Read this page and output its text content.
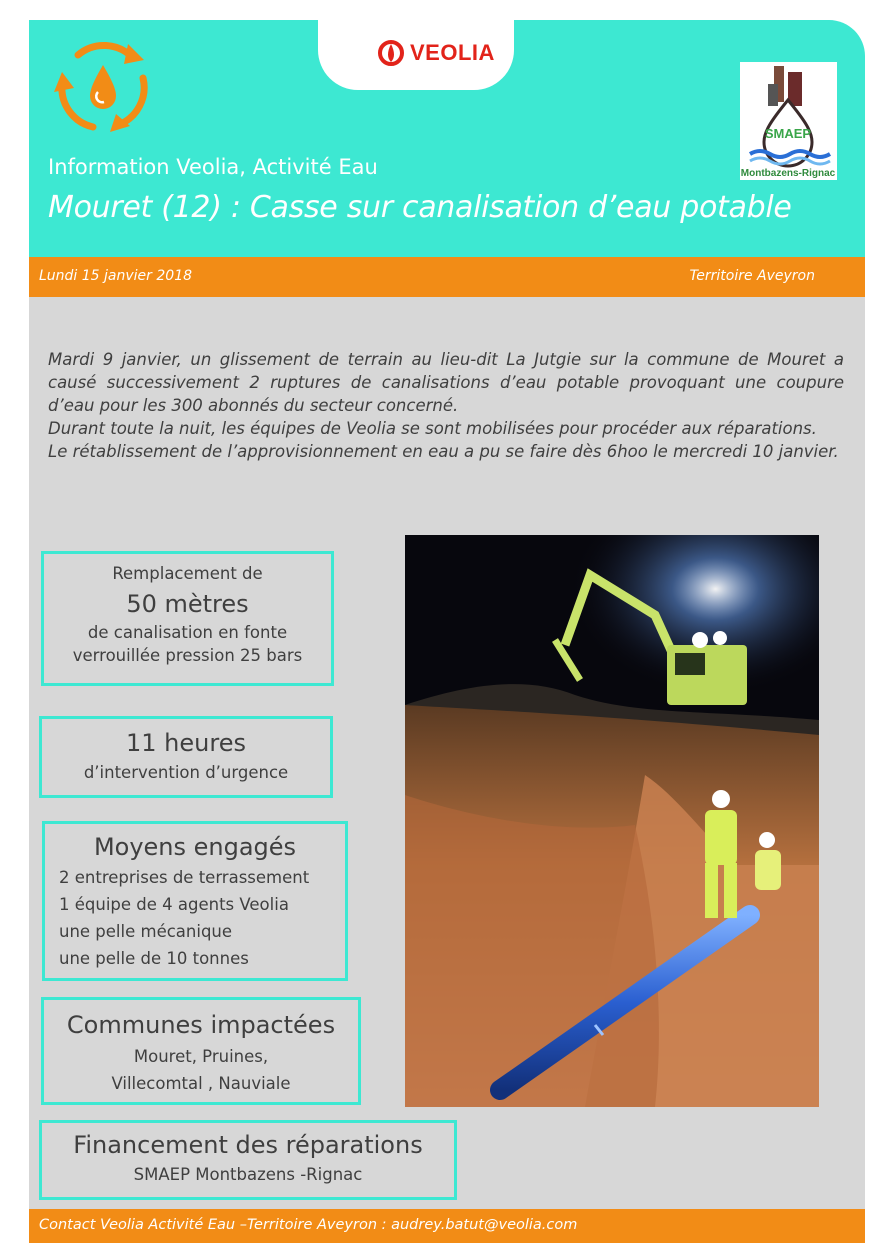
VEOLIA
SMAEP
Montbazens-Rignac
Information Veolia, Activité Eau
Mouret (12) : Casse sur canalisation d’eau potable
Lundi 15 janvier 2018	Territoire Aveyron

Mardi 9 janvier, un glissement de terrain au lieu-dit La Jutgie sur la commune de Mouret a causé successivement 2 ruptures de canalisations d’eau potable provoquant une coupure d’eau pour les 300 abonnés du secteur concerné.

Durant toute la nuit, les équipes de Veolia se sont mobilisées pour procéder aux réparations.

Le rétablissement de l’approvisionnement en eau a pu se faire dès 6hoo le mercredi 10 janvier.

Remplacement de
50 mètres
de canalisation en fonte
verrouillée pression 25 bars
11 heures
d’intervention d’urgence
Moyens engagés
2 entreprises de terrassement
1 équipe de 4 agents Veolia
une pelle mécanique
une pelle de 10 tonnes
Communes impactées
Mouret, Pruines,
Villecomtal , Nauviale
Financement des réparations
SMAEP Montbazens -Rignac
Contact Veolia Activité Eau –Territoire Aveyron : audrey.batut@veolia.com
